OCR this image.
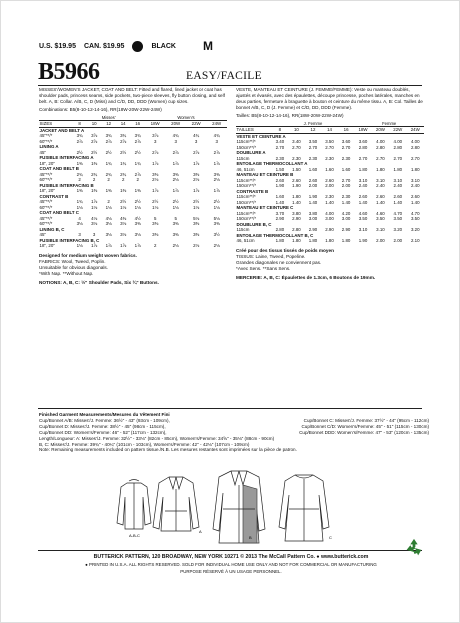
U.S. $19.95 CAN. $19.95	BLACK M
B5966	EASY/FACILE
MISSES'/WOMEN'S JACKET, COAT AND BELT: Fitted and flared, lined jacket or coat has shoulder pads, princess seams, side pockets, two-piece sleeves, fly button closing, and self belt. A, B: Collar. A/B, C, D (Miss) and C/D, DD, DDD (Women) cup sizes.
Combinations: B5(8-10-12-14-16), RR(18W-20W-22W-24W)
	Misses'					Women's			
SIZES	8	10	12	14	16	18W	20W	22W	24W
JACKET AND BELT A									
45"**/*	3¾	3⅞	3¾	3¾	3¾	3⅞	4¾	4¾	4¾
60"**/*	2⅞	2⅞	2⅞	2⅞	2⅞	3	3	3	3
LINING A									
45"	2½	2½	2½	2½	2½	2⅞	2⅞	2⅞	2⅞
FUSIBLE INTERFACING A									
18", 20"	1⅜	1⅜	1¾	1¾	1¾	1⅞	1⅞	1⅞	1⅞
COAT AND BELT B									
45"**/*	2¾	2¾	2¾	2¾	2⅞	3⅜	3⅜	3⅜	3⅜
60"**/*	2	2	2	2	2	2⅛	2⅛	2⅛	2⅛
FUSIBLE INTERFACING B									
18", 20"	1⅜	1⅜	1⅜	1⅜	1⅜	1⅞	1⅞	1⅞	1⅞
CONTRAST B									
45"**/*	1¾	1⅞	2	2½	2½	2½	2½	2½	2½
60"**/*	1⅛	1⅛	1⅛	1⅛	1⅛	1⅛	1⅛	1⅛	1⅛
COAT AND BELT C									
45"**/*	4	4⅛	4⅛	4⅜	4½	5	5	5⅛	5⅛
60"**/*	3⅛	3⅛	3⅛	3⅛	3⅜	3⅜	3⅜	3⅜	3⅜
LINING B, C									
45"	3	3	3⅛	3⅛	3⅛	3⅜	3⅜	3⅜	3½
FUSIBLE INTERFACING B, C									
18", 20"	1⅛	1⅞	1⅞	1⅞	1⅞	2	2⅛	2⅛	2⅛
Designed for medium weight woven fabrics.
FABRICS: Wool, Tweed, Poplin.
Unsuitable for obvious diagonals.
*With Nap. **Without Nap.
NOTIONS: A, B, C: ½" Shoulder Pads, Six ¾" Buttons.
VESTE, MANTEAU ET CEINTURE (J. FEMME/FEMME): Veste ou manteau doublés, ajustés et évasés, avec des épaulettes, découpe princesse, poches latérales, manches en deux parties, fermeture à braguette à bouton et ceinture du même tissu. A, B: Col. Tailles de bonnet A/B, C, D (J. Femme) et C/D, DD, DDD (Femme).
Tailles: B5(8-10-12-14-16), RR(18W-20W-22W-24W)
	J. Femme					Femme			
TAILLES	8	10	12	14	16	18W	20W	22W	24W
VESTE ET CEINTURE A									
115cm**/*	3.40	3.40	3.50	3.50	3.60	3.60	4.00	4.00	4.00
150cm**/*	2.70	2.70	2.70	2.70	2.70	2.80	2.80	2.80	2.80
DOUBLURE A									
115cm	2.30	2.30	2.30	2.30	2.30	2.70	2.70	2.70	2.70
ENTOILAGE THERMOCOLLANT A									
46, 51cm	1.50	1.50	1.60	1.60	1.60	1.80	1.80	1.80	1.80
MANTEAU ET CEINTURE B									
115cm**/*	2.60	2.60	2.60	2.60	2.70	3.10	3.10	3.10	3.10
150cm**/*	1.90	1.90	2.00	2.00	2.00	2.40	2.40	2.40	2.40
CONTRASTE B									
115cm**/*	1.60	1.80	1.90	2.30	2.30	2.60	2.60	2.60	2.60
150cm**/*	1.40	1.40	1.40	1.40	1.40	1.40	1.40	1.40	1.40
MANTEAU ET CEINTURE C									
115cm**/*	3.70	3.80	3.80	4.00	4.20	4.60	4.60	4.70	4.70
150cm**/*	2.90	2.90	3.00	3.00	3.00	3.50	3.50	3.50	3.50
DOUBLURE B, C									
115cm	2.80	2.80	2.90	2.90	2.90	3.10	3.10	3.20	3.20
ENTOILAGE THERMOCOLLANT B, C									
46, 51cm	1.80	1.80	1.80	1.80	1.80	1.90	2.00	2.00	2.10
Créé pour des tissus tissés de poids moyen
TISSUS: Laine, Tweed, Popeline.
Grandes diagonales ne conviennent pas.
*Avec Sens. **Sans Sens.
MERCERIE: A, B, C: Épaulettes de 1.3cm, 6 Boutons de 19mm.
Finished Garment Measurements/Mesures du Vêtement Fini
Cup/Bonnet A/B: Misses'/J. Femme: 36½" - 43" (93cm - 109cm),	Cup/Bonnet C: Misses'/J. Femme: 37½" - 44" (95cm - 112cm)
Cup/Bonnet D: Misses'/J. Femme: 38½" - 45" (98cm - 115cm),	Cup/Bonnet C/D: Women's/Femme: 45" - 51" (115cm - 130cm)
Cup/Bonnet DD: Women's/Femme: 46" - 52" (117cm - 132cm),	Cup/Bonnet DDD: Women's/Femme: 47" - 53" (120cm - 135cm)
Length/Longueur: A: Misses'/J. Femme: 32½" - 33⅛" (82cm - 85cm), Women's/Femme: 34⅝" - 35⅛" (88cm - 90cm)
B, C: Misses'/J. Femme: 39¾" - 40¼" (101cm - 103cm), Women's/Femme: 42" - 42⅛" (107cm - 109cm)
Note: Remaining measurements included on pattern tissue./N.B. Les mesures restantes sont imprimées sur la pièce de patron.
A-B-C
A
B	C
BUTTERICK PATTERN, 120 BROADWAY, NEW YORK 10271 © 2013 The McCall Pattern Co. ● www.butterick.com
● PRINTED IN U.S.A. ALL RIGHTS RESERVED. SOLD FOR INDIVIDUAL HOME USE ONLY AND NOT FOR COMMERCIAL OR MANUFACTURING
PURPOSE RÉSERVÉ À UN USAGE PERSONNEL.
